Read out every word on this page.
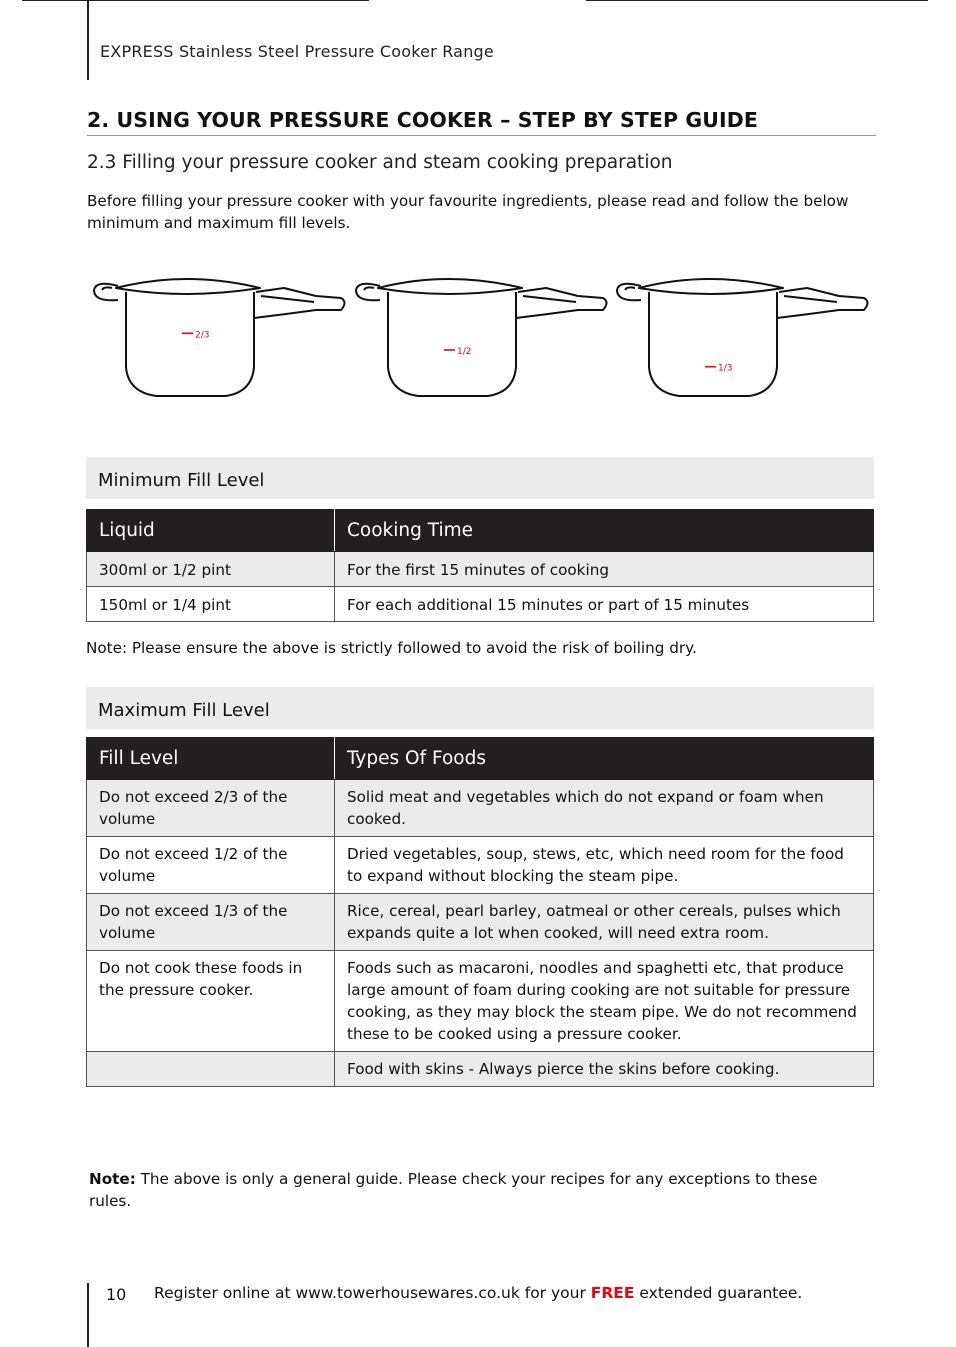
EXPRESS Stainless Steel Pressure Cooker Range
2. USING YOUR PRESSURE COOKER – STEP BY STEP GUIDE
2.3 Filling your pressure cooker and steam cooking preparation

Before filling your pressure cooker with your favourite ingredients, please read and follow the below minimum and maximum fill levels.

2/3
1/2
1/3
Minimum Fill Level
Liquid	Cooking Time
300ml or 1/2 pint	For the first 15 minutes of cooking
150ml or 1/4 pint	For each additional 15 minutes or part of 15 minutes

Note: Please ensure the above is strictly followed to avoid the risk of boiling dry.

Maximum Fill Level
Fill Level	Types Of Foods
Do not exceed 2/3 of the volume	Solid meat and vegetables which do not expand or foam when cooked.
Do not exceed 1/2 of the volume	Dried vegetables, soup, stews, etc, which need room for the food to expand without blocking the steam pipe.
Do not exceed 1/3 of the volume	Rice, cereal, pearl barley, oatmeal or other cereals, pulses which expands quite a lot when cooked, will need extra room.
Do not cook these foods in the pressure cooker.	Foods such as macaroni, noodles and spaghetti etc, that produce large amount of foam during cooking are not suitable for pressure cooking, as they may block the steam pipe. We do not recommend these to be cooked using a pressure cooker.
	Food with skins - Always pierce the skins before cooking.

Note: The above is only a general guide. Please check your recipes for any exceptions to these rules.

10 Register online at www.towerhousewares.co.uk for your FREE extended guarantee.
